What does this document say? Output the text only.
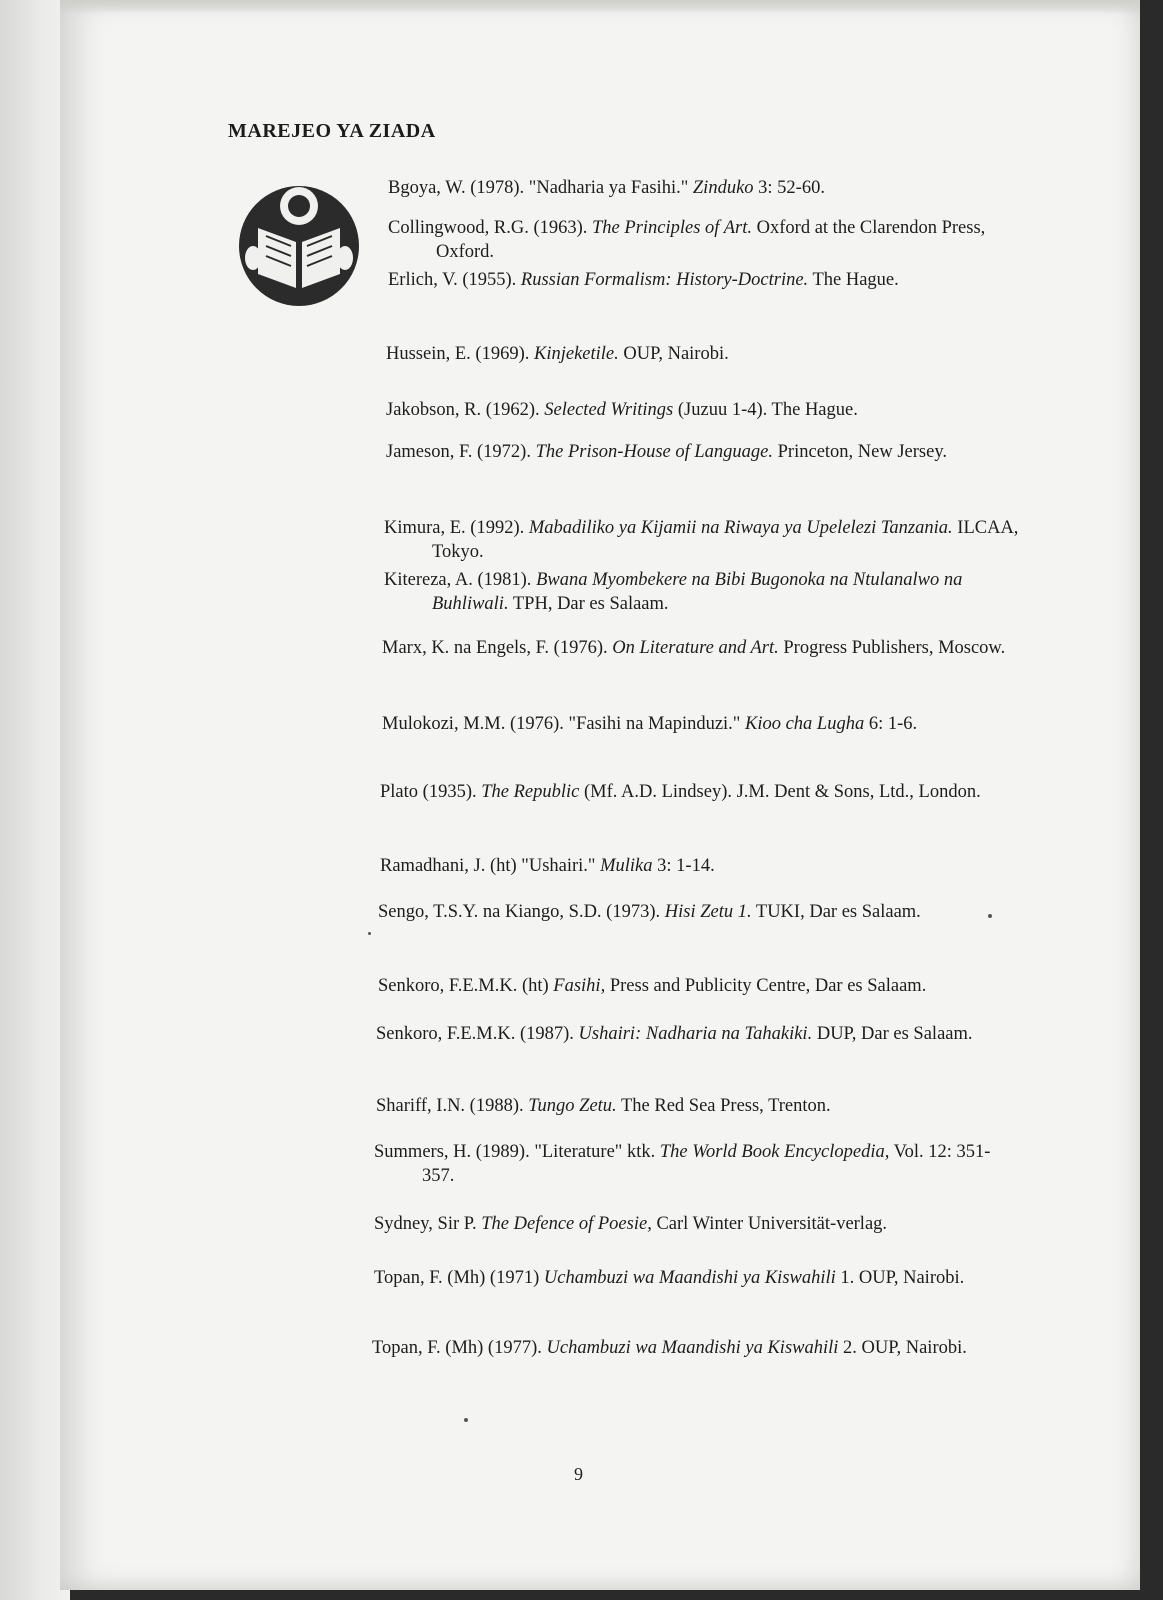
MAREJEO YA ZIADA
Bgoya, W. (1978). "Nadharia ya Fasihi." Zinduko 3: 52-60.
Collingwood, R.G. (1963). The Principles of Art. Oxford at the Clarendon Press, Oxford.
Erlich, V. (1955). Russian Formalism: History-Doctrine. The Hague.
Hussein, E. (1969). Kinjeketile. OUP, Nairobi.
Jakobson, R. (1962). Selected Writings (Juzuu 1-4). The Hague.
Jameson, F. (1972). The Prison-House of Language. Princeton, New Jersey.
Kimura, E. (1992). Mabadiliko ya Kijamii na Riwaya ya Upelelezi Tanzania. ILCAA, Tokyo.
Kitereza, A. (1981). Bwana Myombekere na Bibi Bugonoka na Ntulanalwo na Buhliwali. TPH, Dar es Salaam.
Marx, K. na Engels, F. (1976). On Literature and Art. Progress Publishers, Moscow.
Mulokozi, M.M. (1976). "Fasihi na Mapinduzi." Kioo cha Lugha 6: 1-6.
Plato (1935). The Republic (Mf. A.D. Lindsey). J.M. Dent & Sons, Ltd., London.
Ramadhani, J. (ht) "Ushairi." Mulika 3: 1-14.
Sengo, T.S.Y. na Kiango, S.D. (1973). Hisi Zetu 1. TUKI, Dar es Salaam.
Senkoro, F.E.M.K. (ht) Fasihi, Press and Publicity Centre, Dar es Salaam.
Senkoro, F.E.M.K. (1987). Ushairi: Nadharia na Tahakiki. DUP, Dar es Salaam.
Shariff, I.N. (1988). Tungo Zetu. The Red Sea Press, Trenton.
Summers, H. (1989). "Literature" ktk. The World Book Encyclopedia, Vol. 12: 351-357.
Sydney, Sir P. The Defence of Poesie, Carl Winter Universität-verlag.
Topan, F. (Mh) (1971) Uchambuzi wa Maandishi ya Kiswahili 1. OUP, Nairobi.
Topan, F. (Mh) (1977). Uchambuzi wa Maandishi ya Kiswahili 2. OUP, Nairobi.
9
